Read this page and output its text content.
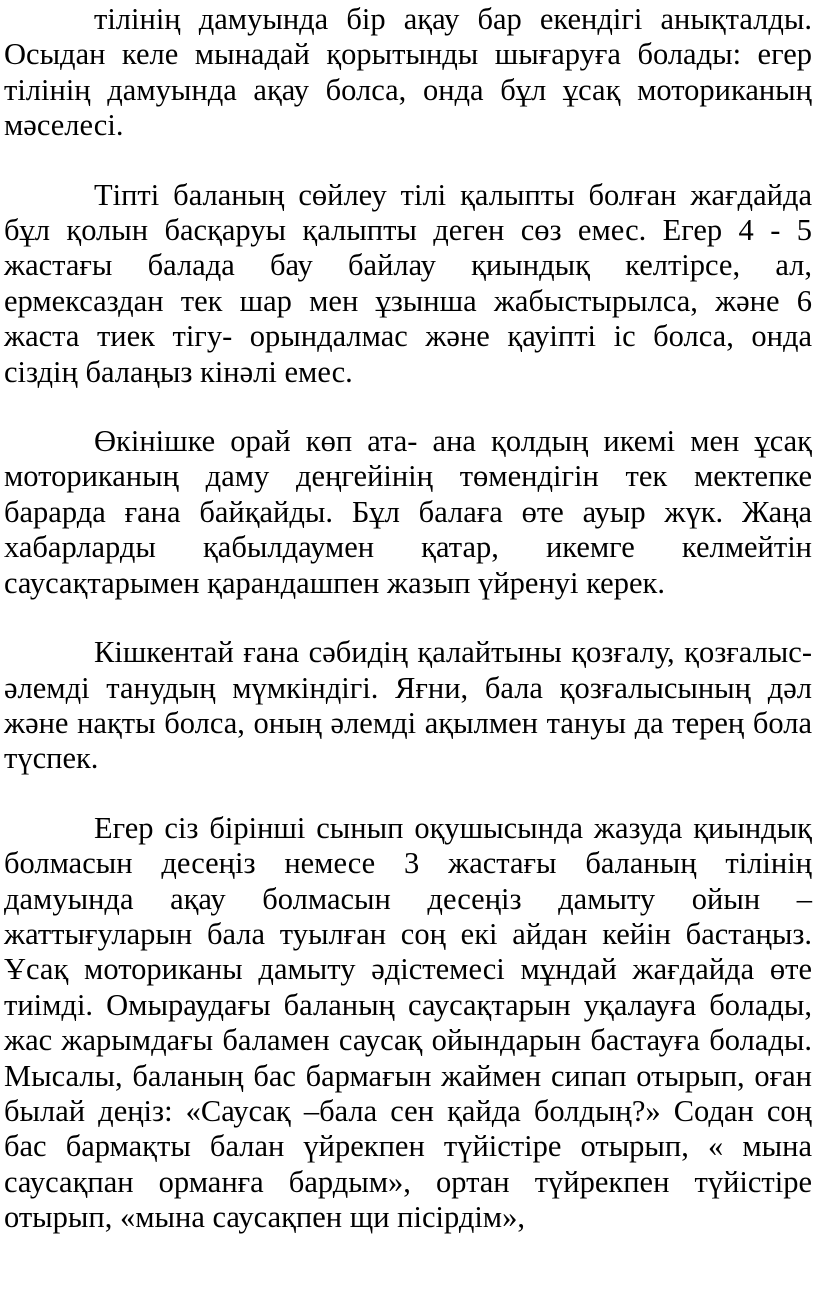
тілінің дамуында бір ақау бар екендігі анықталды. Осыдан келе мынадай қорытынды шығаруға болады: егер тілінің дамуында ақау болса, онда бұл ұсақ моториканың мәселесі.

Тіпті баланың сөйлеу тілі қалыпты болған жағдайда бұл қолын басқаруы қалыпты деген сөз емес. Егер 4 - 5 жастағы балада бау байлау қиындық келтірсе, ал, ермексаздан тек шар мен ұзынша жабыстырылса, және 6 жаста тиек тігу- орындалмас және қауіпті іс болса, онда сіздің балаңыз кінәлі емес.

Өкінішке орай көп ата- ана қолдың икемі мен ұсақ моториканың даму деңгейінің төмендігін тек мектепке барарда ғана байқайды. Бұл балаға өте ауыр жүк. Жаңа хабарларды қабылдаумен қатар, икемге келмейтін саусақтарымен қарандашпен жазып үйренуі керек.

Кішкентай ғана сәбидің қалайтыны қозғалу, қозғалыс- әлемді танудың мүмкіндігі. Яғни, бала қозғалысының дәл және нақты болса, оның әлемді ақылмен тануы да терең бола түспек.

Егер сіз бірінші сынып оқушысында жазуда қиындық болмасын десеңіз немесе 3 жастағы баланың тілінің дамуында ақау болмасын десеңіз дамыту ойын – жаттығуларын бала туылған соң екі айдан кейін бастаңыз. Ұсақ моториканы дамыту әдістемесі мұндай жағдайда өте тиімді. Омыраудағы баланың саусақтарын уқалауға болады, жас жарымдағы баламен саусақ ойындарын бастауға болады. Мысалы, баланың бас бармағын жаймен сипап отырып, оған былай деңіз: «Саусақ –бала сен қайда болдың?» Содан соң бас бармақты балан үйрекпен түйістіре отырып, « мына саусақпан орманға бардым», ортан түйрекпен түйістіре отырып, «мына саусақпен щи пісірдім»,
